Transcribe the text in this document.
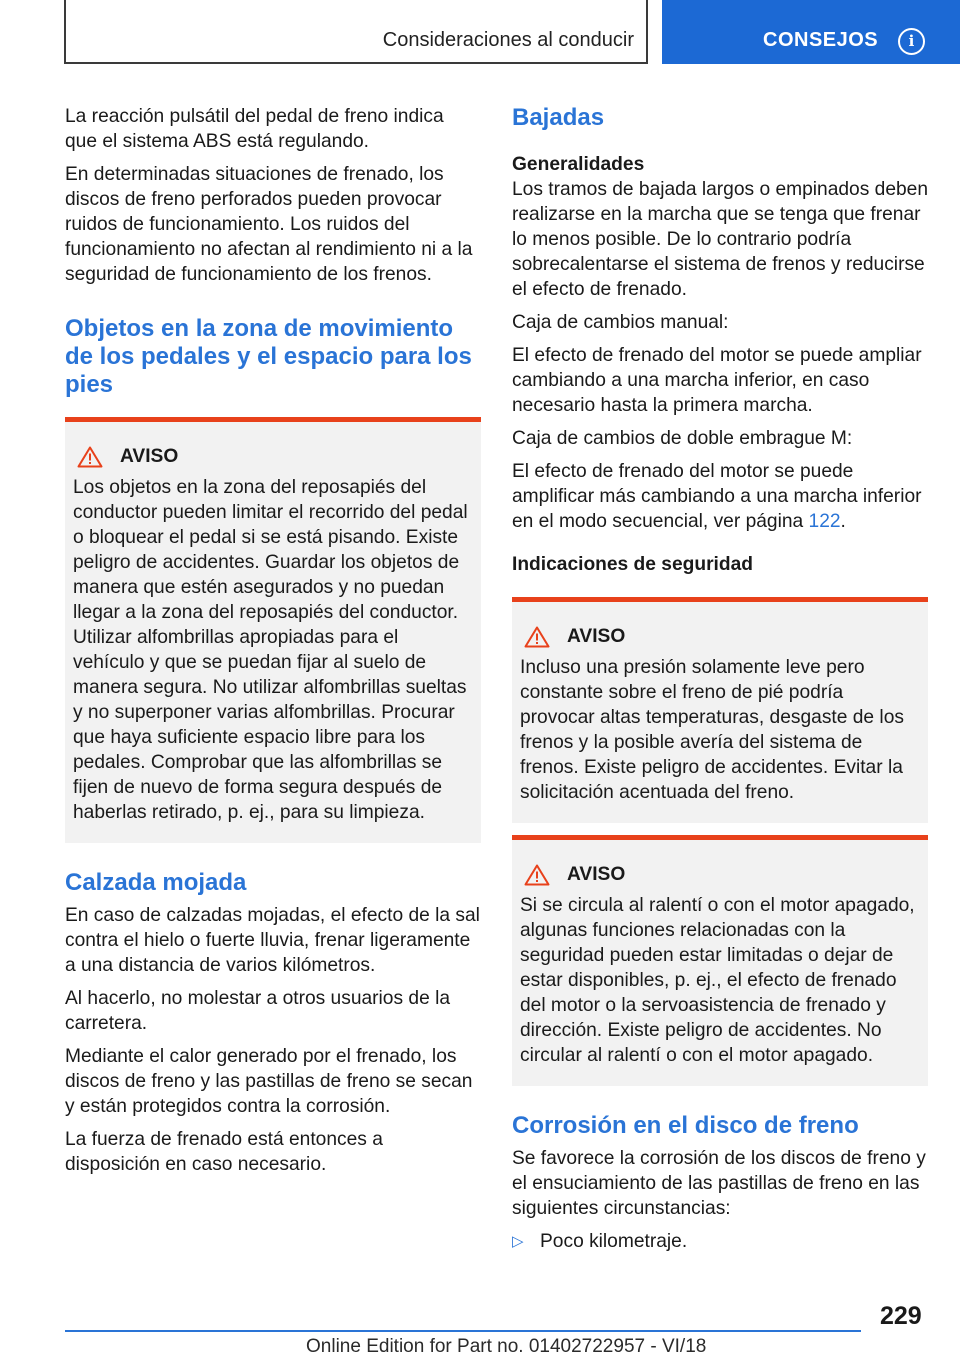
Consideraciones al conducir	CONSEJOS	i

La reacción pulsátil del pedal de freno indica que el sistema ABS está regulando.

En determinadas situaciones de frenado, los discos de freno perforados pueden provocar ruidos de funcionamiento. Los ruidos del funcionamiento no afectan al rendimiento ni a la seguridad de funcionamiento de los frenos.

Objetos en la zona de movimiento de los pedales y el espacio para los pies
AVISO

Los objetos en la zona del reposapiés del conductor pueden limitar el recorrido del pedal o bloquear el pedal si se está pisando. Existe peligro de accidentes. Guardar los objetos de manera que estén asegurados y no puedan llegar a la zona del reposapiés del conductor. Utilizar alfombrillas apropiadas para el vehículo y que se puedan fijar al suelo de manera segura. No utilizar alfombrillas sueltas y no superponer varias alfombrillas. Procurar que haya suficiente espacio libre para los pedales. Comprobar que las alfombrillas se fijen de nuevo de forma segura después de haberlas retirado, p. ej., para su limpieza.

Calzada mojada

En caso de calzadas mojadas, el efecto de la sal contra el hielo o fuerte lluvia, frenar ligeramente a una distancia de varios kilómetros.

Al hacerlo, no molestar a otros usuarios de la carretera.

Mediante el calor generado por el frenado, los discos de freno y las pastillas de freno se secan y están protegidos contra la corrosión.

La fuerza de frenado está entonces a disposición en caso necesario.

Bajadas
Generalidades

Los tramos de bajada largos o empinados deben realizarse en la marcha que se tenga que frenar lo menos posible. De lo contrario podría sobrecalentarse el sistema de frenos y reducirse el efecto de frenado.

Caja de cambios manual:

El efecto de frenado del motor se puede ampliar cambiando a una marcha inferior, en caso necesario hasta la primera marcha.

Caja de cambios de doble embrague M:

El efecto de frenado del motor se puede amplificar más cambiando a una marcha inferior en el modo secuencial, ver página 122.

Indicaciones de seguridad
AVISO

Incluso una presión solamente leve pero constante sobre el freno de pié podría provocar altas temperaturas, desgaste de los frenos y la posible avería del sistema de frenos. Existe peligro de accidentes. Evitar la solicitación acentuada del freno.

AVISO

Si se circula al ralentí o con el motor apagado, algunas funciones relacionadas con la seguridad pueden estar limitadas o dejar de estar disponibles, p. ej., el efecto de frenado del motor o la servoasistencia de frenado y dirección. Existe peligro de accidentes. No circular al ralentí o con el motor apagado.

Corrosión en el disco de freno

Se favorece la corrosión de los discos de freno y el ensuciamiento de las pastillas de freno en las siguientes circunstancias:

▷ Poco kilometraje.

229
Online Edition for Part no. 01402722957 - VI/18
